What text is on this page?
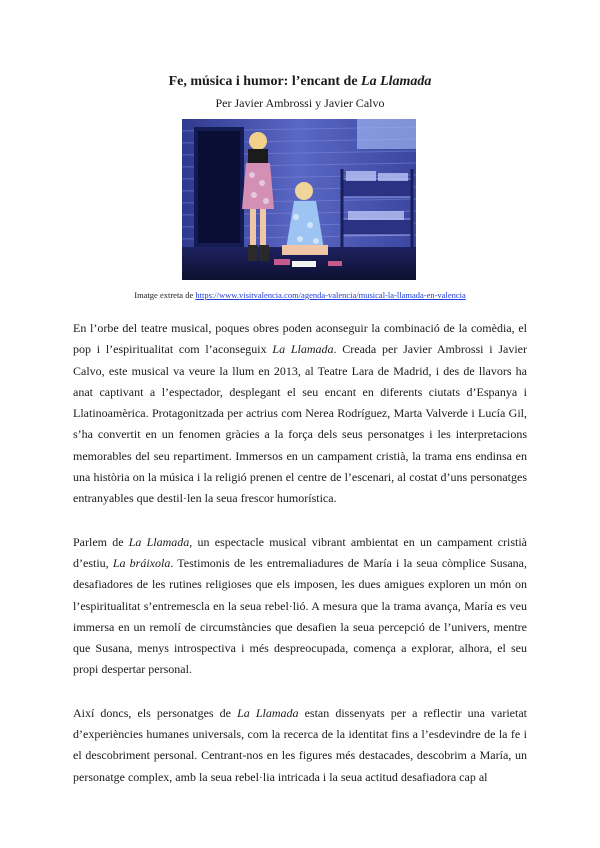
Fe, música i humor: l’encant de La Llamada
Per Javier Ambrossi y Javier Calvo
Imatge extreta de https://www.visitvalencia.com/agenda-valencia/musical-la-llamada-en-valencia

En l’orbe del teatre musical, poques obres poden aconseguir la combinació de la comèdia, el pop i l’espiritualitat com l’aconseguix La Llamada. Creada per Javier Ambrossi i Javier Calvo, este musical va veure la llum en 2013, al Teatre Lara de Madrid, i des de llavors ha anat captivant a l’espectador, desplegant el seu encant en diferents ciutats d’Espanya i Llatinoamèrica. Protagonitzada per actrius com Nerea Rodríguez, Marta Valverde i Lucía Gil, s’ha convertit en un fenomen gràcies a la força dels seus personatges i les interpretacions memorables del seu repartiment. Immersos en un campament cristià, la trama ens endinsa en una història on la música i la religió prenen el centre de l’escenari, al costat d’uns personatges entranyables que destil·len la seua frescor humorística.

Parlem de La Llamada, un espectacle musical vibrant ambientat en un campament cristià d’estiu, La bráixola. Testimonis de les entremaliadures de María i la seua còmplice Susana, desafiadores de les rutines religioses que els imposen, les dues amigues exploren un món on l’espiritualitat s’entremescla en la seua rebel·lió. A mesura que la trama avança, María es veu immersa en un remolí de circumstàncies que desafien la seua percepció de l’univers, mentre que Susana, menys introspectiva i més despreocupada, comença a explorar, alhora, el seu propi despertar personal.

Així doncs, els personatges de La Llamada estan dissenyats per a reflectir una varietat d’experiències humanes universals, com la recerca de la identitat fins a l’esdevindre de la fe i el descobriment personal. Centrant-nos en les figures més destacades, descobrim a María, un personatge complex, amb la seua rebel·lia intricada i la seua actitud desafiadora cap al
